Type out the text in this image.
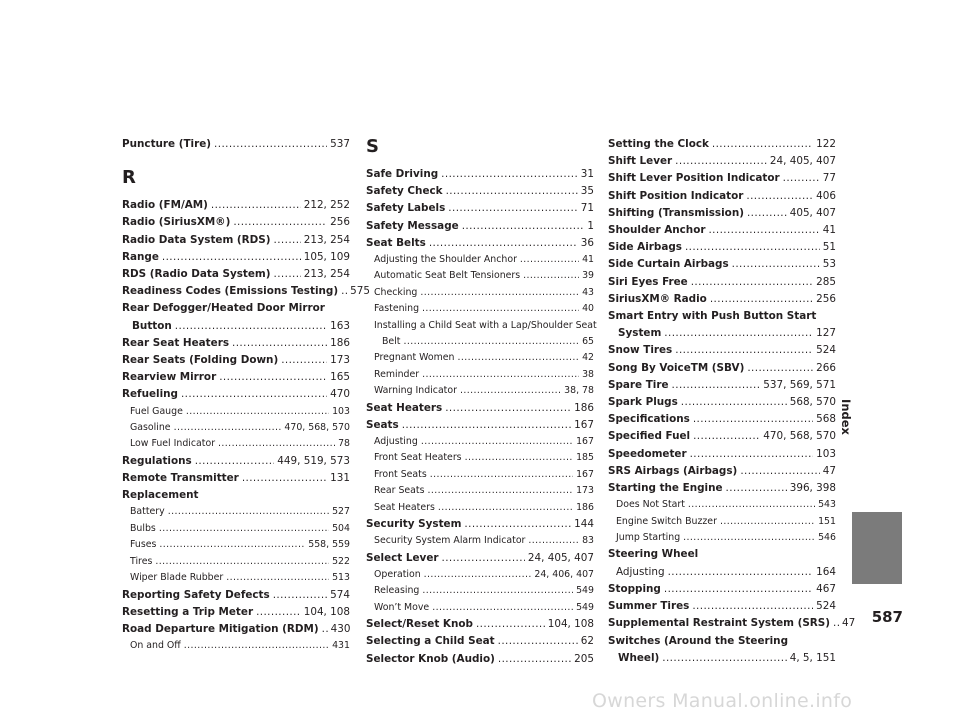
Puncture (Tire) .....	537
R
Radio (FM/AM) .....	212, 252
Radio (SiriusXM®) .....	256
Radio Data System (RDS) .....	213, 254
Range .....	105, 109
RDS (Radio Data System) .....	213, 254
Readiness Codes (Emissions Testing) ..... 575
Rear Defogger/Heated Door Mirror
Button .....	163
Rear Seat Heaters .....	186
Rear Seats (Folding Down) .....	173
Rearview Mirror .....	165
Refueling .....	470
Fuel Gauge .....	103
Gasoline .....	470, 568, 570
Low Fuel Indicator .....	78
Regulations .....	449, 519, 573
Remote Transmitter .....	131
Replacement
Battery .....	527
Bulbs .....	504
Fuses .....	558, 559
Tires .....	522
Wiper Blade Rubber .....	513
Reporting Safety Defects .....	574
Resetting a Trip Meter .....	104, 108
Road Departure Mitigation (RDM) ..... 430
On and Off .....	431
S
Safe Driving .....	31
Safety Check .....	35
Safety Labels .....	71
Safety Message .....	1
Seat Belts .....	36
Adjusting the Shoulder Anchor .....	41
Automatic Seat Belt Tensioners .....	39
Checking .....	43
Fastening .....	40
Installing a Child Seat with a Lap/Shoulder Seat
Belt .....	65
Pregnant Women .....	42
Reminder .....	38
Warning Indicator .....	38, 78
Seat Heaters .....	186
Seats .....	167
Adjusting .....	167
Front Seat Heaters .....	185
Front Seats .....	167
Rear Seats .....	173
Seat Heaters .....	186
Security System .....	144
Security System Alarm Indicator .....	83
Select Lever .....	24, 405, 407
Operation .....	24, 406, 407
Releasing .....	549
Won’t Move .....	549
Select/Reset Knob .....	104, 108
Selecting a Child Seat .....	62
Selector Knob (Audio) .....	205
Setting the Clock .....	122
Shift Lever .....	24, 405, 407
Shift Lever Position Indicator .....	77
Shift Position Indicator .....	406
Shifting (Transmission) .....	405, 407
Shoulder Anchor .....	41
Side Airbags .....	51
Side Curtain Airbags .....	53
Siri Eyes Free .....	285
SiriusXM® Radio .....	256
Smart Entry with Push Button Start
System .....	127
Snow Tires .....	524
Song By VoiceTM (SBV) .....	266
Spare Tire .....	537, 569, 571
Spark Plugs .....	568, 570
Specifications .....	568
Specified Fuel .....	470, 568, 570
Speedometer .....	103
SRS Airbags (Airbags) .....	47
Starting the Engine .....	396, 398
Does Not Start .....	543
Engine Switch Buzzer .....	151
Jump Starting .....	546
Steering Wheel
Adjusting .....	164
Stopping .....	467
Summer Tires .....	524
Supplemental Restraint System (SRS) ..... 47
Switches (Around the Steering
Wheel) .....	4, 5, 151
Index
587
Owners Manual.online.info
